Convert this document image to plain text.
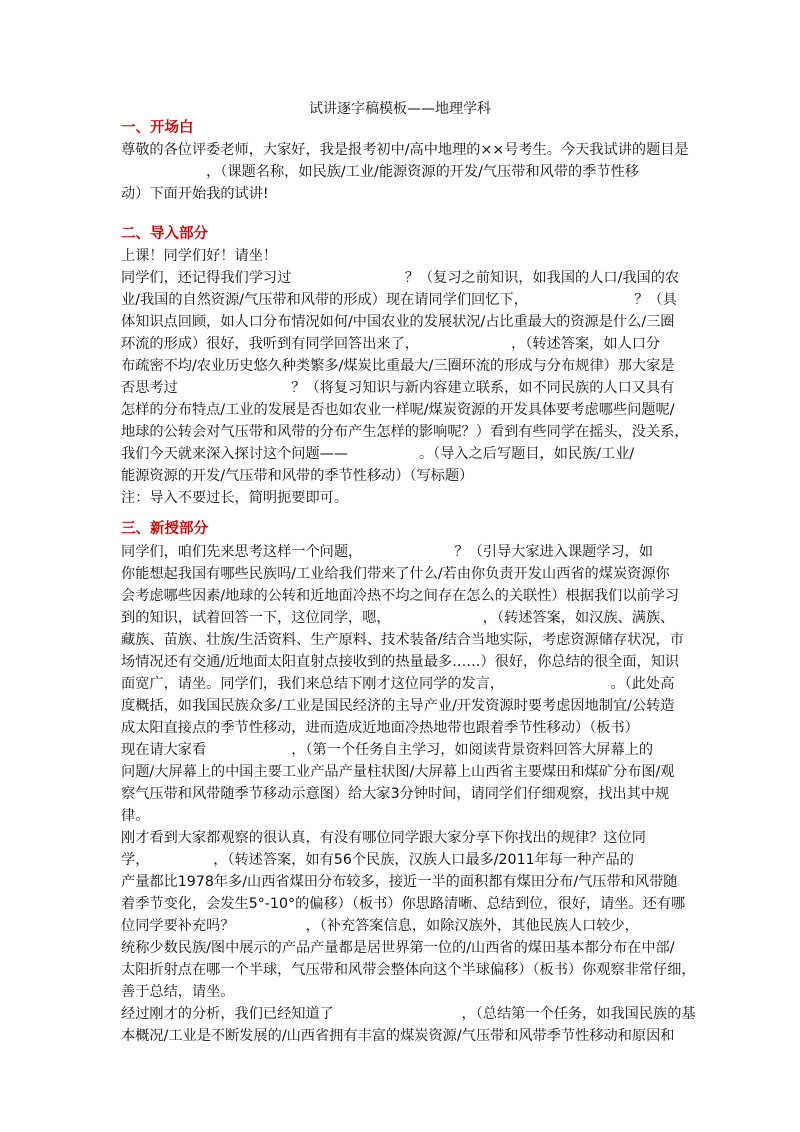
试讲逐字稿模板——地理学科
一、开场白
尊敬的各位评委老师，大家好，我是报考初中/高中地理的××号考生。今天我试讲的题目是
　　　　　　，（课题名称，如民族/工业/能源资源的开发/气压带和风带的季节性移
动）下面开始我的试讲!
二、导入部分
上课！同学们好！请坐！
同学们，还记得我们学习过　　　　　　　　？（复习之前知识，如我国的人口/我国的农
业/我国的自然资源/气压带和风带的形成）现在请同学们回忆下，　　　　　　　　？（具
体知识点回顾，如人口分布情况如何/中国农业的发展状况/占比重最大的资源是什么/三圈
环流的形成）很好，我听到有同学回答出来了，　　　　　　　，（转述答案，如人口分
布疏密不均/农业历史悠久种类繁多/煤炭比重最大/三圈环流的形成与分布规律）那大家是
否思考过　　　　　　　　？（将复习知识与新内容建立联系，如不同民族的人口又具有
怎样的分布特点/工业的发展是否也如农业一样呢/煤炭资源的开发具体要考虑哪些问题呢/
地球的公转会对气压带和风带的分布产生怎样的影响呢？）看到有些同学在摇头，没关系，
我们今天就来深入探讨这个问题——　　　　　。（导入之后写题目，如民族/工业/
能源资源的开发/气压带和风带的季节性移动）（写标题）
注：导入不要过长，简明扼要即可。
三、新授部分
同学们，咱们先来思考这样一个问题，　　　　　　　？（引导大家进入课题学习，如
你能想起我国有哪些民族吗/工业给我们带来了什么/若由你负责开发山西省的煤炭资源你
会考虑哪些因素/地球的公转和近地面冷热不均之间存在怎么的关联性）根据我们以前学习
到的知识，试着回答一下，这位同学，嗯，　　　　　　　，（转述答案，如汉族、满族、
藏族、苗族、壮族/生活资料、生产原料、技术装备/结合当地实际，考虑资源储存状况，市
场情况还有交通/近地面太阳直射点接收到的热量最多……）很好，你总结的很全面，知识
面宽广，请坐。同学们，我们来总结下刚才这位同学的发言，　　　　　　　　。（此处高
度概括，如我国民族众多/工业是国民经济的主导产业/开发资源时要考虑因地制宜/公转造
成太阳直接点的季节性移动，进而造成近地面冷热地带也跟着季节性移动）（板书）
现在请大家看　　　　　　，（第一个任务自主学习，如阅读背景资料回答大屏幕上的
问题/大屏幕上的中国主要工业产品产量柱状图/大屏幕上山西省主要煤田和煤矿分布图/观
察气压带和风带随季节移动示意图）给大家3分钟时间，请同学们仔细观察，找出其中规
律。
刚才看到大家都观察的很认真，有没有哪位同学跟大家分享下你找出的规律？这位同
学，　　　　　，（转述答案，如有56个民族，汉族人口最多/2011年每一种产品的
产量都比1978年多/山西省煤田分布较多，接近一半的面积都有煤田分布/气压带和风带随
着季节变化，会发生5°-10°的偏移）（板书）你思路清晰、总结到位，很好，请坐。还有哪
位同学要补充吗？　　　　　，（补充答案信息，如除汉族外，其他民族人口较少，
统称少数民族/图中展示的产品产量都是居世界第一位的/山西省的煤田基本都分布在中部/
太阳折射点在哪一个半球，气压带和风带会整体向这个半球偏移）（板书）你观察非常仔细，
善于总结，请坐。
经过刚才的分析，我们已经知道了　　　　　　　　　，（总结第一个任务，如我国民族的基
本概况/工业是不断发展的/山西省拥有丰富的煤炭资源/气压带和风带季节性移动和原因和
